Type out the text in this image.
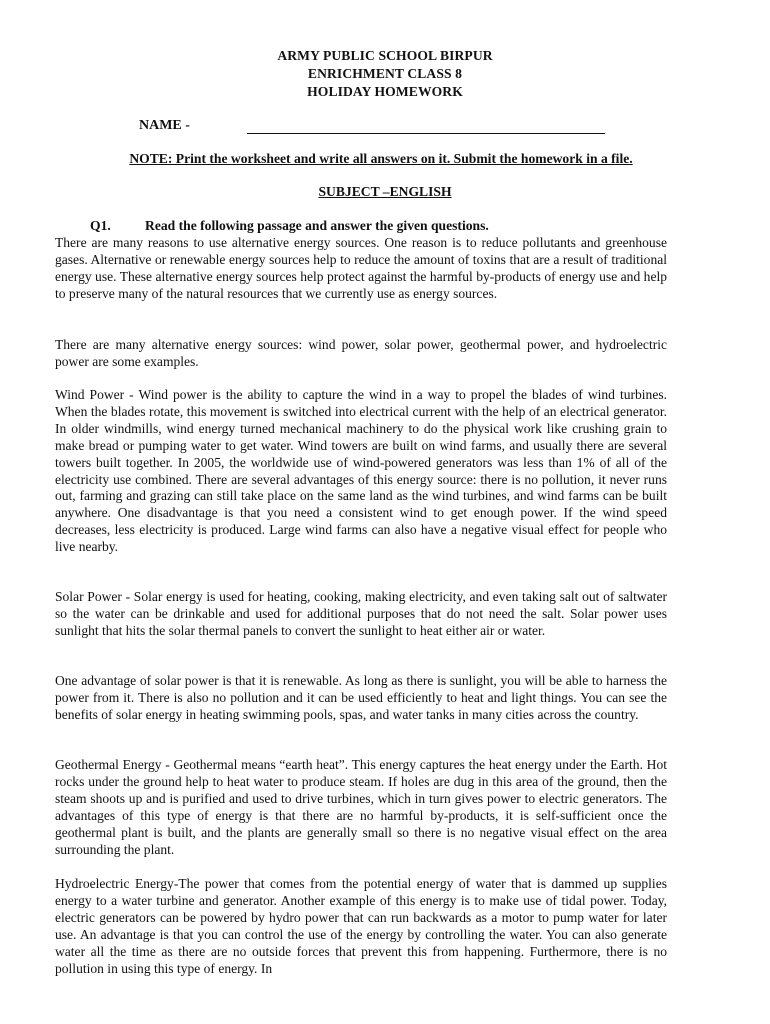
ARMY PUBLIC SCHOOL BIRPUR
ENRICHMENT CLASS 8
HOLIDAY HOMEWORK
NAME -
NOTE: Print the worksheet and write all answers on it. Submit the homework in a file.
SUBJECT –ENGLISH
Q1.	Read the following passage and answer the given questions.

There are many reasons to use alternative energy sources. One reason is to reduce pollutants and greenhouse gases. Alternative or renewable energy sources help to reduce the amount of toxins that are a result of traditional energy use. These alternative energy sources help protect against the harmful by-products of energy use and help to preserve many of the natural resources that we currently use as energy sources.

There are many alternative energy sources: wind power, solar power, geothermal power, and hydroelectric power are some examples.

Wind Power - Wind power is the ability to capture the wind in a way to propel the blades of wind turbines. When the blades rotate, this movement is switched into electrical current with the help of an electrical generator. In older windmills, wind energy turned mechanical machinery to do the physical work like crushing grain to make bread or pumping water to get water. Wind towers are built on wind farms, and usually there are several towers built together. In 2005, the worldwide use of wind-powered generators was less than 1% of all of the electricity use combined. There are several advantages of this energy source: there is no pollution, it never runs out, farming and grazing can still take place on the same land as the wind turbines, and wind farms can be built anywhere. One disadvantage is that you need a consistent wind to get enough power. If the wind speed decreases, less electricity is produced. Large wind farms can also have a negative visual effect for people who live nearby.

Solar Power - Solar energy is used for heating, cooking, making electricity, and even taking salt out of saltwater so the water can be drinkable and used for additional purposes that do not need the salt. Solar power uses sunlight that hits the solar thermal panels to convert the sunlight to heat either air or water.

One advantage of solar power is that it is renewable. As long as there is sunlight, you will be able to harness the power from it. There is also no pollution and it can be used efficiently to heat and light things. You can see the benefits of solar energy in heating swimming pools, spas, and water tanks in many cities across the country.

Geothermal Energy - Geothermal means “earth heat”. This energy captures the heat energy under the Earth. Hot rocks under the ground help to heat water to produce steam. If holes are dug in this area of the ground, then the steam shoots up and is purified and used to drive turbines, which in turn gives power to electric generators. The advantages of this type of energy is that there are no harmful by-products, it is self-sufficient once the geothermal plant is built, and the plants are generally small so there is no negative visual effect on the area surrounding the plant.

Hydroelectric Energy-The power that comes from the potential energy of water that is dammed up supplies energy to a water turbine and generator. Another example of this energy is to make use of tidal power. Today, electric generators can be powered by hydro power that can run backwards as a motor to pump water for later use. An advantage is that you can control the use of the energy by controlling the water. You can also generate water all the time as there are no outside forces that prevent this from happening. Furthermore, there is no pollution in using this type of energy. In
